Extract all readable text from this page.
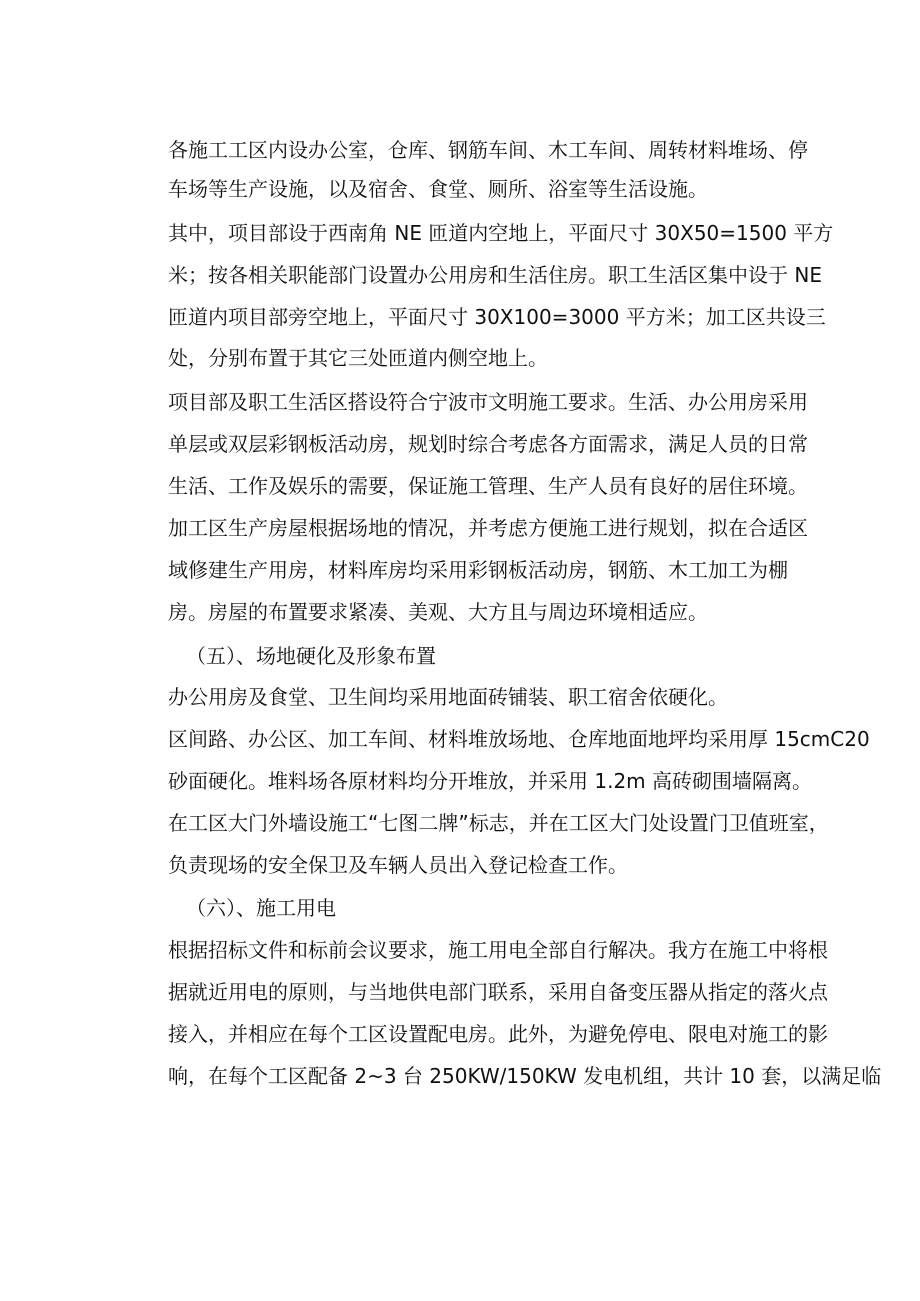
各施工工区内设办公室，仓库、钢筋车间、木工车间、周转材料堆场、停
车场等生产设施，以及宿舍、食堂、厕所、浴室等生活设施。
其中，项目部设于西南角 NE 匝道内空地上，平面尺寸 30X50=1500 平方
米；按各相关职能部门设置办公用房和生活住房。职工生活区集中设于 NE
匝道内项目部旁空地上，平面尺寸 30X100=3000 平方米；加工区共设三
处，分别布置于其它三处匝道内侧空地上。
项目部及职工生活区搭设符合宁波市文明施工要求。生活、办公用房采用
单层或双层彩钢板活动房，规划时综合考虑各方面需求，满足人员的日常
生活、工作及娱乐的需要，保证施工管理、生产人员有良好的居住环境。
加工区生产房屋根据场地的情况，并考虑方便施工进行规划，拟在合适区
域修建生产用房，材料库房均采用彩钢板活动房，钢筋、木工加工为棚
房。房屋的布置要求紧凑、美观、大方且与周边环境相适应。
（五）、场地硬化及形象布置
办公用房及食堂、卫生间均采用地面砖铺装、职工宿舍依硬化。
区间路、办公区、加工车间、材料堆放场地、仓库地面地坪均采用厚 15cmC20
砂面硬化。堆料场各原材料均分开堆放，并采用 1.2m 高砖砌围墙隔离。
在工区大门外墙设施工“七图二牌”标志，并在工区大门处设置门卫值班室，
负责现场的安全保卫及车辆人员出入登记检查工作。
（六）、施工用电
根据招标文件和标前会议要求，施工用电全部自行解决。我方在施工中将根
据就近用电的原则，与当地供电部门联系，采用自备变压器从指定的落火点
接入，并相应在每个工区设置配电房。此外，为避免停电、限电对施工的影
响，在每个工区配备 2~3 台 250KW/150KW 发电机组，共计 10 套，以满足临
